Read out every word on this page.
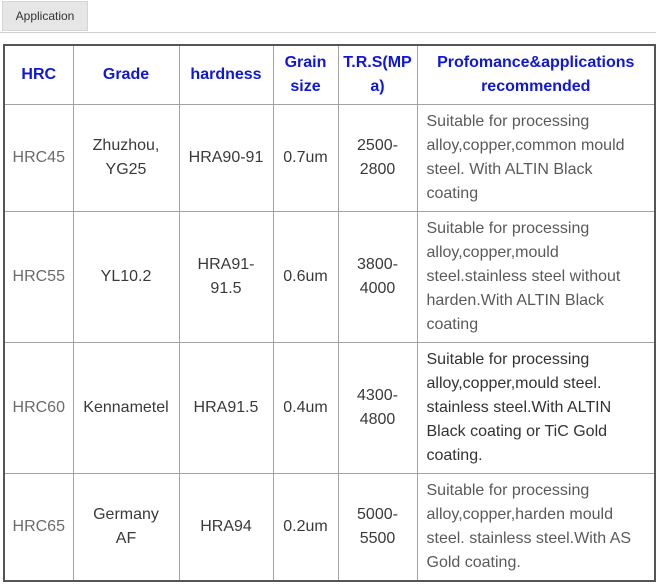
Application
HRC	Grade	hardness	Grain size	T.R.S(MPa)	Profomance&applications recommended
HRC45	Zhuzhou, YG25	HRA90-91	0.7um	2500-2800	Suitable for processing alloy,copper,common mould steel. With ALTIN Black coating
HRC55	YL10.2	HRA91-91.5	0.6um	3800-4000	Suitable for processing alloy,copper,mould steel.stainless steel without harden.With ALTIN Black coating
HRC60	Kennametel	HRA91.5	0.4um	4300-4800	Suitable for processing alloy,copper,mould steel. stainless steel.With ALTIN Black coating or TiC Gold coating.
HRC65	Germany AF	HRA94	0.2um	5000-5500	Suitable for processing alloy,copper,harden mould steel. stainless steel.With AS Gold coating.
